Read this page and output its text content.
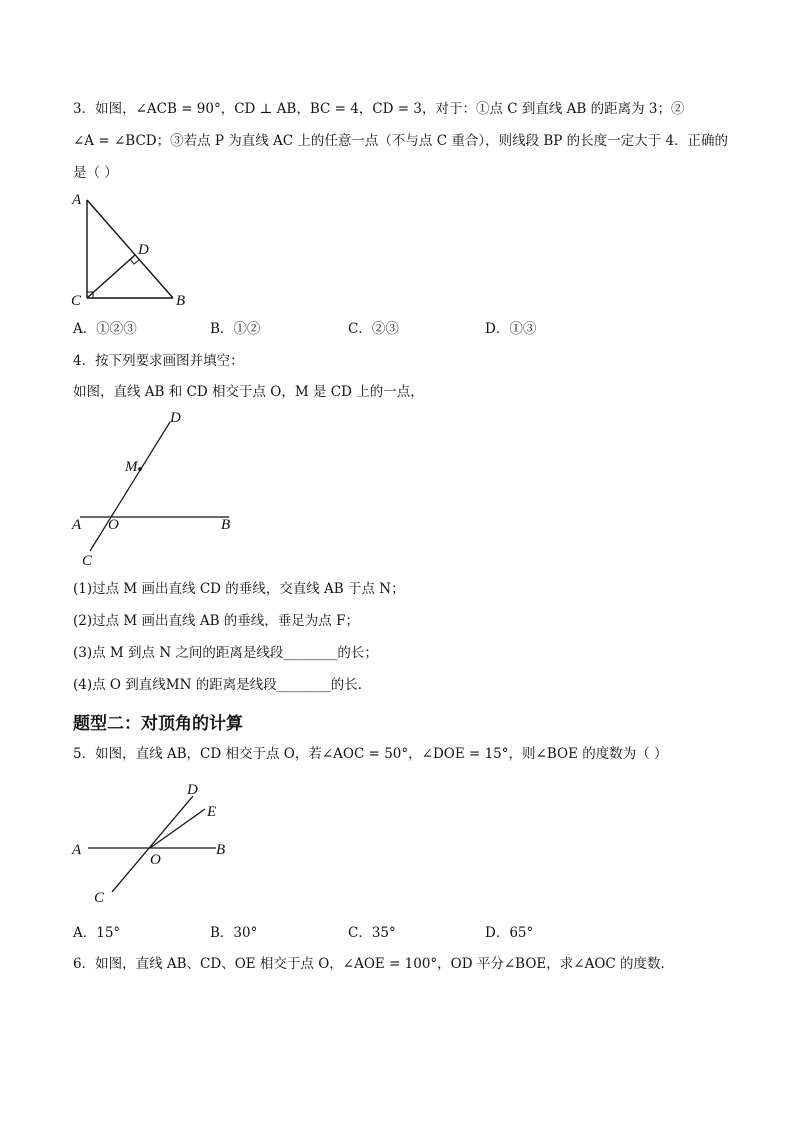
3．如图，∠ACB = 90°，CD ⊥ AB，BC = 4，CD = 3，对于：①点 C 到直线 AB 的距离为 3；②
∠A = ∠BCD；③若点 P 为直线 AC 上的任意一点（不与点 C 重合），则线段 BP 的长度一定大于 4．正确的
是（ ）
A
D
C	B
A．①②③	B．①②	C．②③	D．①③
4．按下列要求画图并填空：
如图，直线 AB 和 CD 相交于点 O，M 是 CD 上的一点，
D
M
A O	B
C
(1)过点 M 画出直线 CD 的垂线，交直线 AB 于点 N；
(2)过点 M 画出直线 AB 的垂线，垂足为点 F；
(3)点 M 到点 N 之间的距离是线段________的长；
(4)点 O 到直线MN 的距离是线段________的长．
题型二：对顶角的计算
5．如图，直线 AB，CD 相交于点 O，若∠AOC = 50°，∠DOE = 15°，则∠BOE 的度数为（ ）
D
E
A	B
O
C
A．15°	B．30°	C．35°	D．65°
6．如图，直线 AB、CD、OE 相交于点 O，∠AOE = 100°，OD 平分∠BOE，求∠AOC 的度数．
